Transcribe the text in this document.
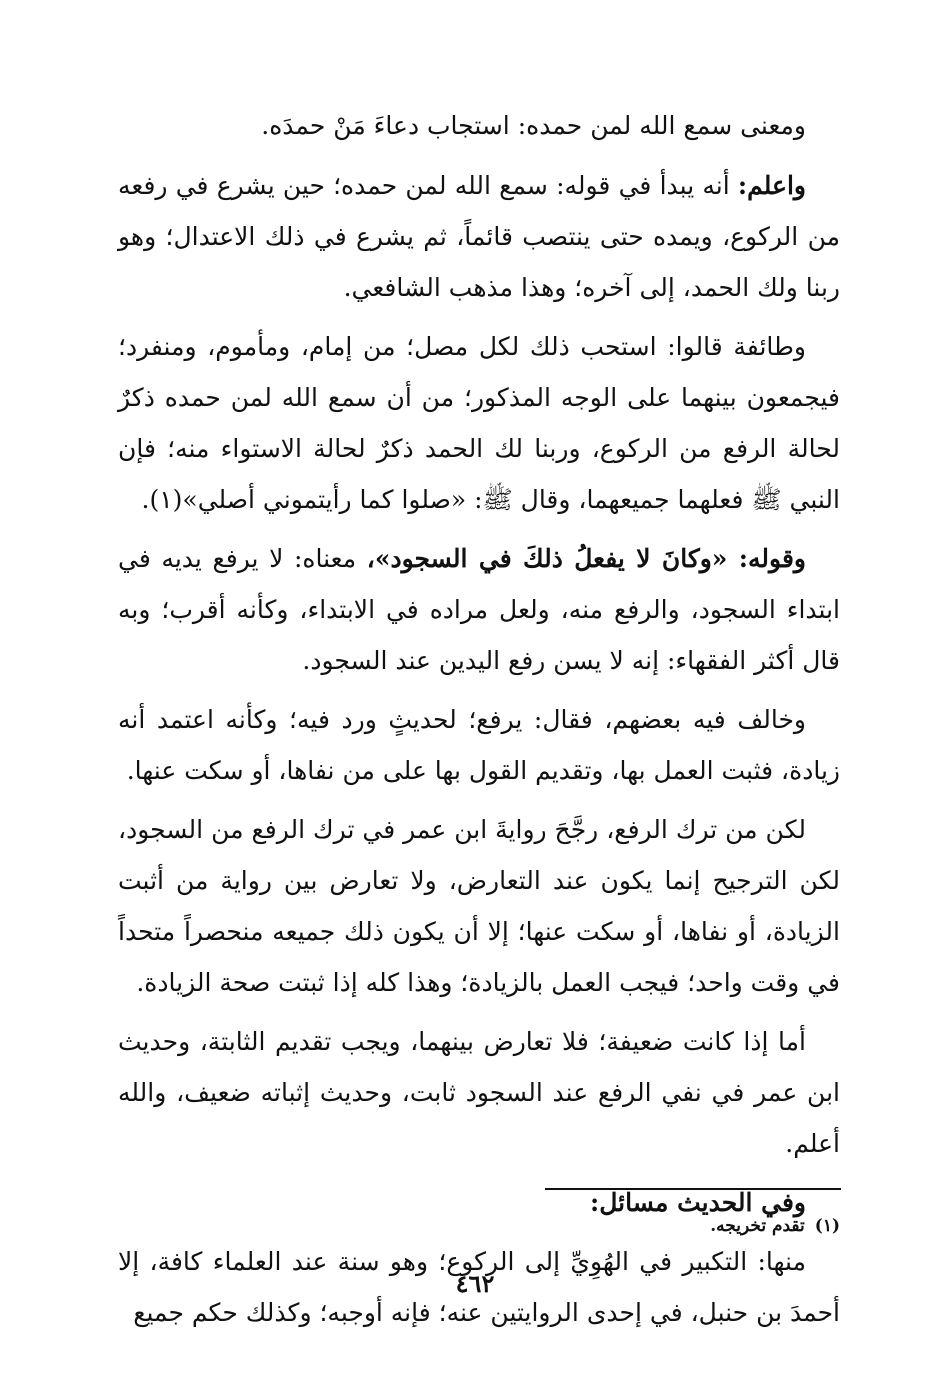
ومعنى سمع الله لمن حمده: استجاب دعاءَ مَنْ حمدَه.

واعلم: أنه يبدأ في قوله: سمع الله لمن حمده؛ حين يشرع في رفعه من الركوع، ويمده حتى ينتصب قائماً، ثم يشرع في ذلك الاعتدال؛ وهو ربنا ولك الحمد، إلى آخره؛ وهذا مذهب الشافعي.

وطائفة قالوا: استحب ذلك لكل مصل؛ من إمام، ومأموم، ومنفرد؛ فيجمعون بينهما على الوجه المذكور؛ من أن سمع الله لمن حمده ذكرٌ لحالة الرفع من الركوع، وربنا لك الحمد ذكرٌ لحالة الاستواء منه؛ فإن النبي ﷺ فعلهما جميعهما، وقال ﷺ: «صلوا كما رأيتموني أصلي»(١).

وقوله: «وكانَ لا يفعلُ ذلكَ في السجود»، معناه: لا يرفع يديه في ابتداء السجود، والرفع منه، ولعل مراده في الابتداء، وكأنه أقرب؛ وبه قال أكثر الفقهاء: إنه لا يسن رفع اليدين عند السجود.

وخالف فيه بعضهم، فقال: يرفع؛ لحديثٍ ورد فيه؛ وكأنه اعتمد أنه زيادة، فثبت العمل بها، وتقديم القول بها على من نفاها، أو سكت عنها.

لكن من ترك الرفع، رجَّحَ روايةَ ابن عمر في ترك الرفع من السجود، لكن الترجيح إنما يكون عند التعارض، ولا تعارض بين رواية من أثبت الزيادة، أو نفاها، أو سكت عنها؛ إلا أن يكون ذلك جميعه منحصراً متحداً في وقت واحد؛ فيجب العمل بالزيادة؛ وهذا كله إذا ثبتت صحة الزيادة.

أما إذا كانت ضعيفة؛ فلا تعارض بينهما، ويجب تقديم الثابتة، وحديث ابن عمر في نفي الرفع عند السجود ثابت، وحديث إثباته ضعيف، والله أعلم.

وفي الحديث مسائل:

منها: التكبير في الهُوِيِّ إلى الركوع؛ وهو سنة عند العلماء كافة، إلا أحمدَ بن حنبل، في إحدى الروايتين عنه؛ فإنه أوجبه؛ وكذلك حكم جميع

(١)تقدم تخريجه.
٤٦٢
